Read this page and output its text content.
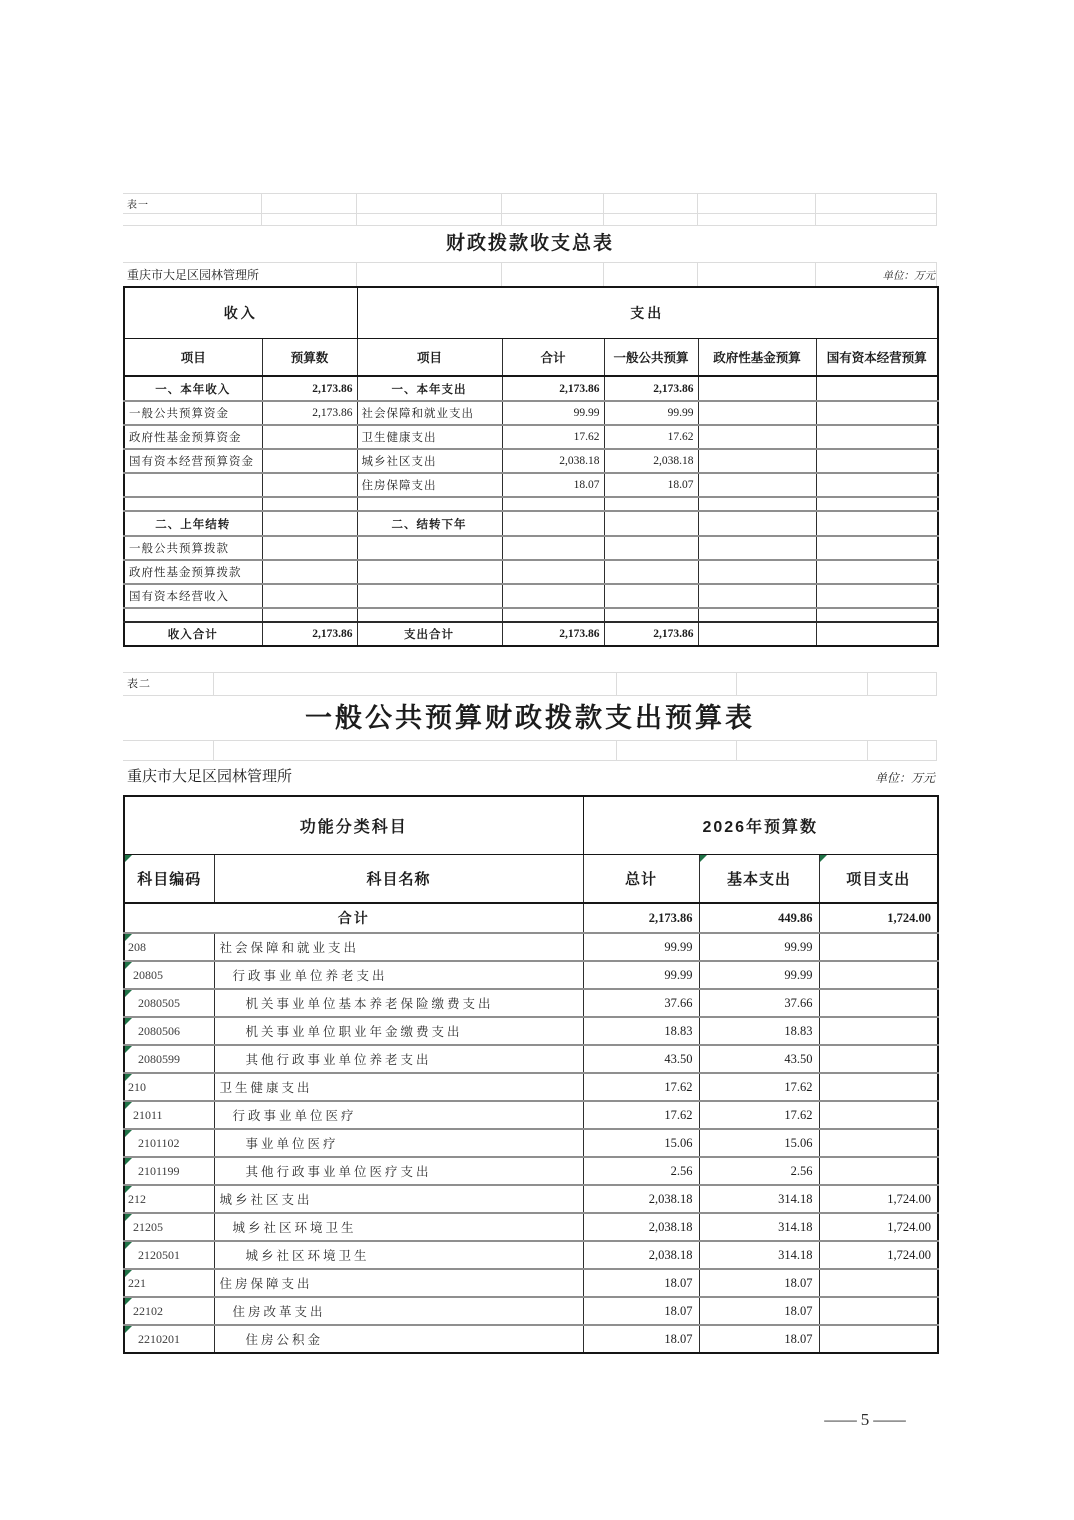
表一
财政拨款收支总表
重庆市大足区园林管理所	单位：万元
收入		支出				
项目	预算数	项目	合计	一般公共预算	政府性基金预算	国有资本经营预算
一、本年收入	2,173.86	一、本年支出	2,173.86	2,173.86		
一般公共预算资金	2,173.86	社会保障和就业支出	99.99	99.99		
政府性基金预算资金		卫生健康支出	17.62	17.62		
国有资本经营预算资金		城乡社区支出	2,038.18	2,038.18		
		住房保障支出	18.07	18.07		

二、上年结转		二、结转下年				
一般公共预算拨款						
政府性基金预算拨款						
国有资本经营收入						

收入合计	2,173.86	支出合计	2,173.86	2,173.86		
表二
一般公共预算财政拨款支出预算表
重庆市大足区园林管理所	单位：万元
功能分类科目		2026年预算数		

科目编码	科目名称	总计	基本支出	项目支出
合计		2,173.86	449.86	1,724.00

208	社会保障和就业支出	99.99	99.99	

20805	行政事业单位养老支出	99.99	99.99	

2080505	机关事业单位基本养老保险缴费支出	37.66	37.66	

2080506	机关事业单位职业年金缴费支出	18.83	18.83	

2080599	其他行政事业单位养老支出	43.50	43.50	

210	卫生健康支出	17.62	17.62	

21011	行政事业单位医疗	17.62	17.62	

2101102	事业单位医疗	15.06	15.06	

2101199	其他行政事业单位医疗支出	2.56	2.56	

212	城乡社区支出	2,038.18	314.18	1,724.00

21205	城乡社区环境卫生	2,038.18	314.18	1,724.00

2120501	城乡社区环境卫生	2,038.18	314.18	1,724.00

221	住房保障支出	18.07	18.07	

22102	住房改革支出	18.07	18.07	

2210201	住房公积金	18.07	18.07	
— 5 —
